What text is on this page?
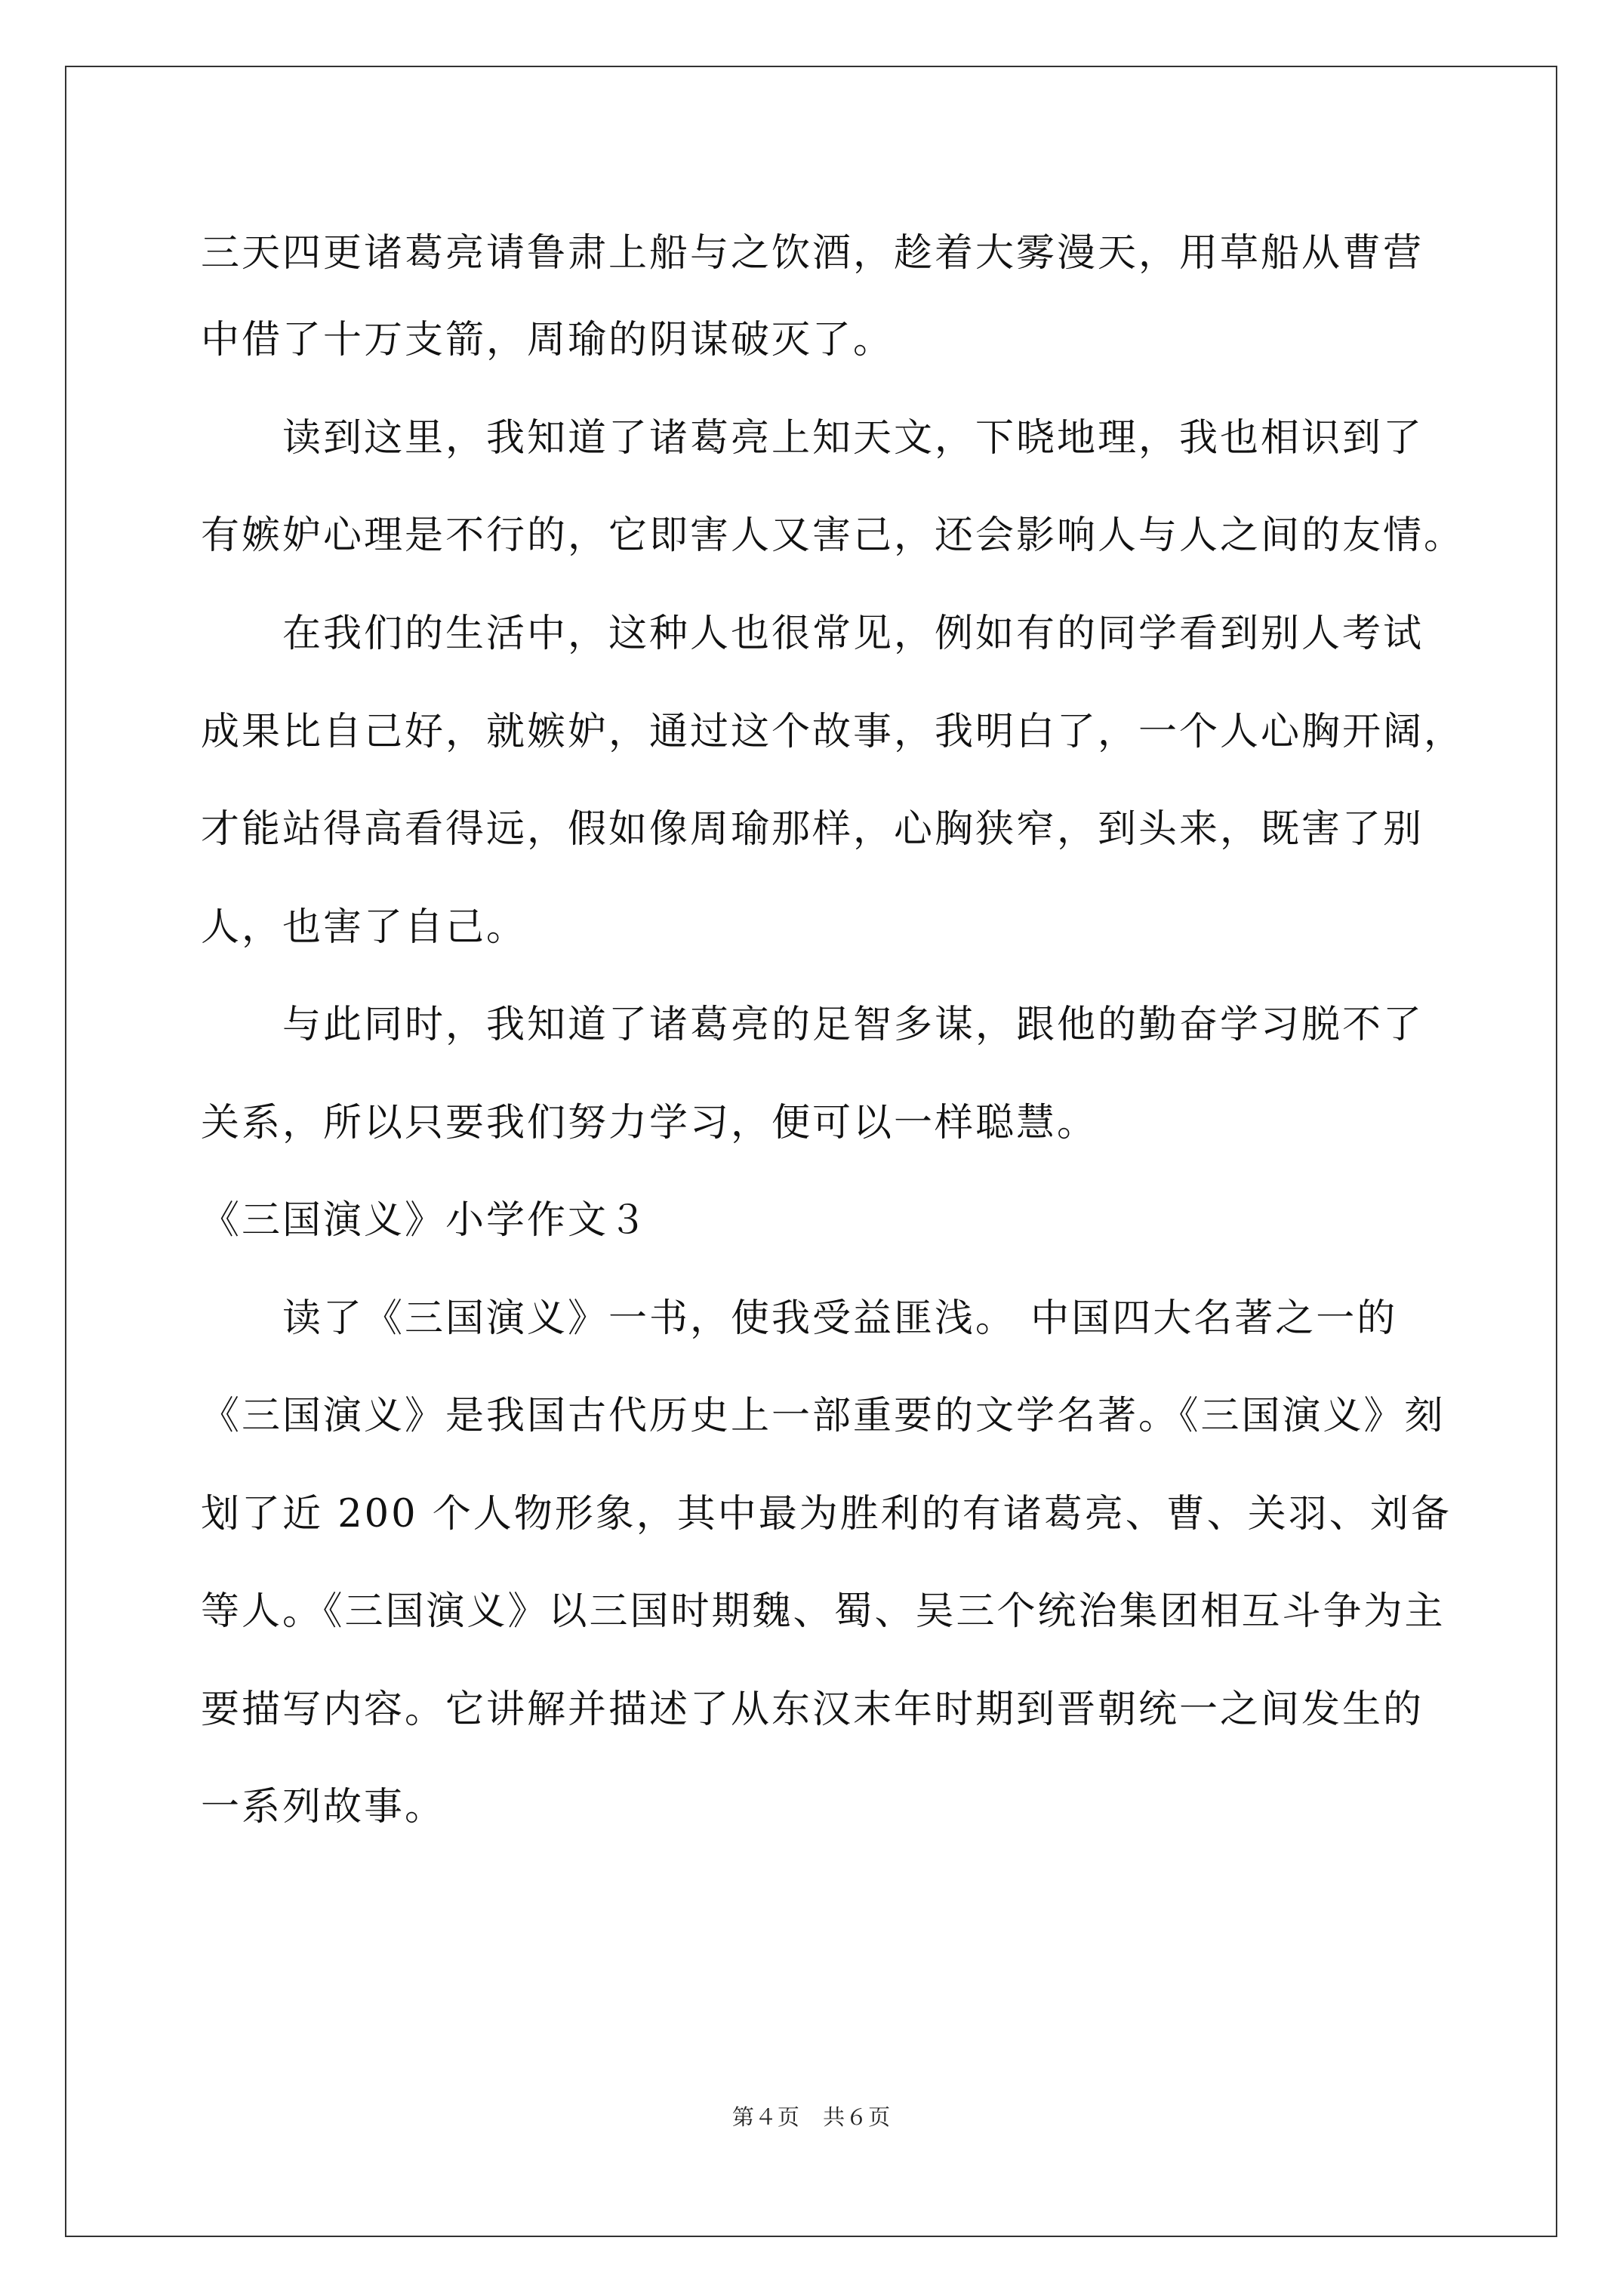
三天四更诸葛亮请鲁肃上船与之饮酒，趁着大雾漫天，用草船从曹营
中借了十万支箭，周瑜的阴谋破灭了。
读到这里，我知道了诸葛亮上知天文，下晓地理，我也相识到了
有嫉妒心理是不行的，它即害人又害己，还会影响人与人之间的友情。
在我们的生活中，这种人也很常见，例如有的同学看到别人考试
成果比自己好，就嫉妒，通过这个故事，我明白了，一个人心胸开阔，
才能站得高看得远，假如像周瑜那样，心胸狭窄，到头来，既害了别
人，也害了自己。
与此同时，我知道了诸葛亮的足智多谋，跟他的勤奋学习脱不了
关系，所以只要我们努力学习，便可以一样聪慧。
《三国演义》小学作文３
读了《三国演义》一书，使我受益匪浅。 中国四大名著之一的
《三国演义》是我国古代历史上一部重要的文学名著。《三国演义》刻
划了近 200 个人物形象，其中最为胜利的有诸葛亮、曹、关羽、刘备
等人。《三国演义》以三国时期魏、蜀、吴三个统治集团相互斗争为主
要描写内容。它讲解并描述了从东汉末年时期到晋朝统一之间发生的
一系列故事。
第４页 共６页
